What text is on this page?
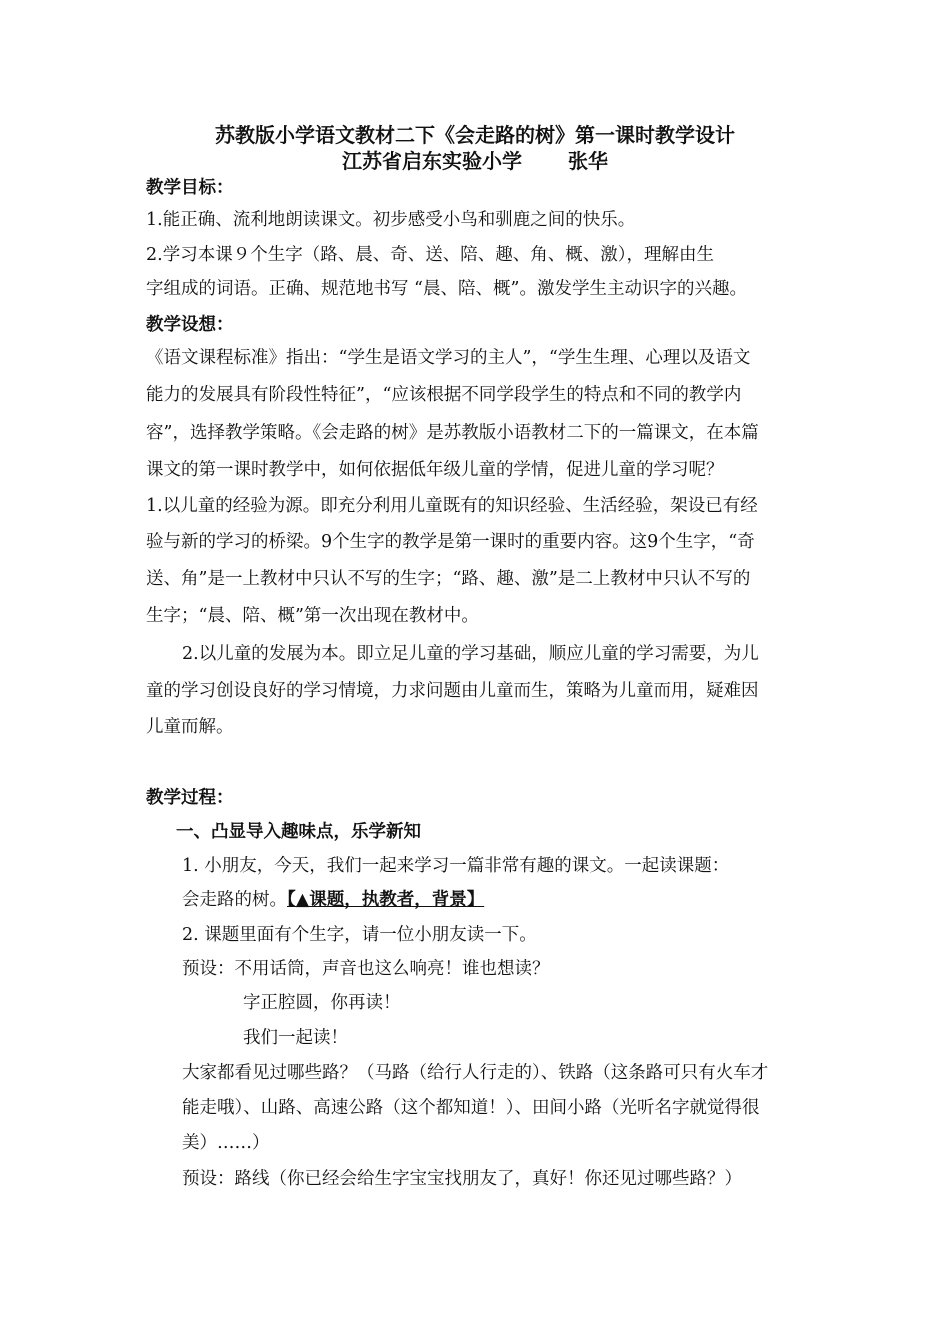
苏教版小学语文教材二下《会走路的树》第一课时教学设计
江苏省启东实验小学 张华
教学目标：
1.能正确、流利地朗读课文。初步感受小鸟和驯鹿之间的快乐。
2.学习本课９个生字（路、晨、奇、送、陪、趣、角、概、激），理解由生
字组成的词语。正确、规范地书写 “晨、陪、概”。激发学生主动识字的兴趣。
教学设想：
《语文课程标准》指出：“学生是语文学习的主人”，“学生生理、心理以及语文
能力的发展具有阶段性特征”，“应该根据不同学段学生的特点和不同的教学内
容”，选择教学策略。《会走路的树》是苏教版小语教材二下的一篇课文，在本篇
课文的第一课时教学中，如何依据低年级儿童的学情，促进儿童的学习呢？
1.以儿童的经验为源。即充分利用儿童既有的知识经验、生活经验，架设已有经
验与新的学习的桥梁。9个生字的教学是第一课时的重要内容。这9个生字，“奇
送、角”是一上教材中只认不写的生字；“路、趣、激”是二上教材中只认不写的
生字；“晨、陪、概”第一次出现在教材中。
2.以儿童的发展为本。即立足儿童的学习基础，顺应儿童的学习需要，为儿
童的学习创设良好的学习情境，力求问题由儿童而生，策略为儿童而用，疑难因
儿童而解。
教学过程：
一、凸显导入趣味点，乐学新知
1. 小朋友，今天，我们一起来学习一篇非常有趣的课文。一起读课题：
会走路的树。【▲课题，执教者，背景】
2. 课题里面有个生字，请一位小朋友读一下。
预设：不用话筒，声音也这么响亮！谁也想读？
字正腔圆，你再读！
我们一起读！
大家都看见过哪些路？（马路（给行人行走的）、铁路（这条路可只有火车才
能走哦）、山路、高速公路（这个都知道！）、田间小路（光听名字就觉得很
美）……）
预设：路线（你已经会给生字宝宝找朋友了，真好！你还见过哪些路？）
